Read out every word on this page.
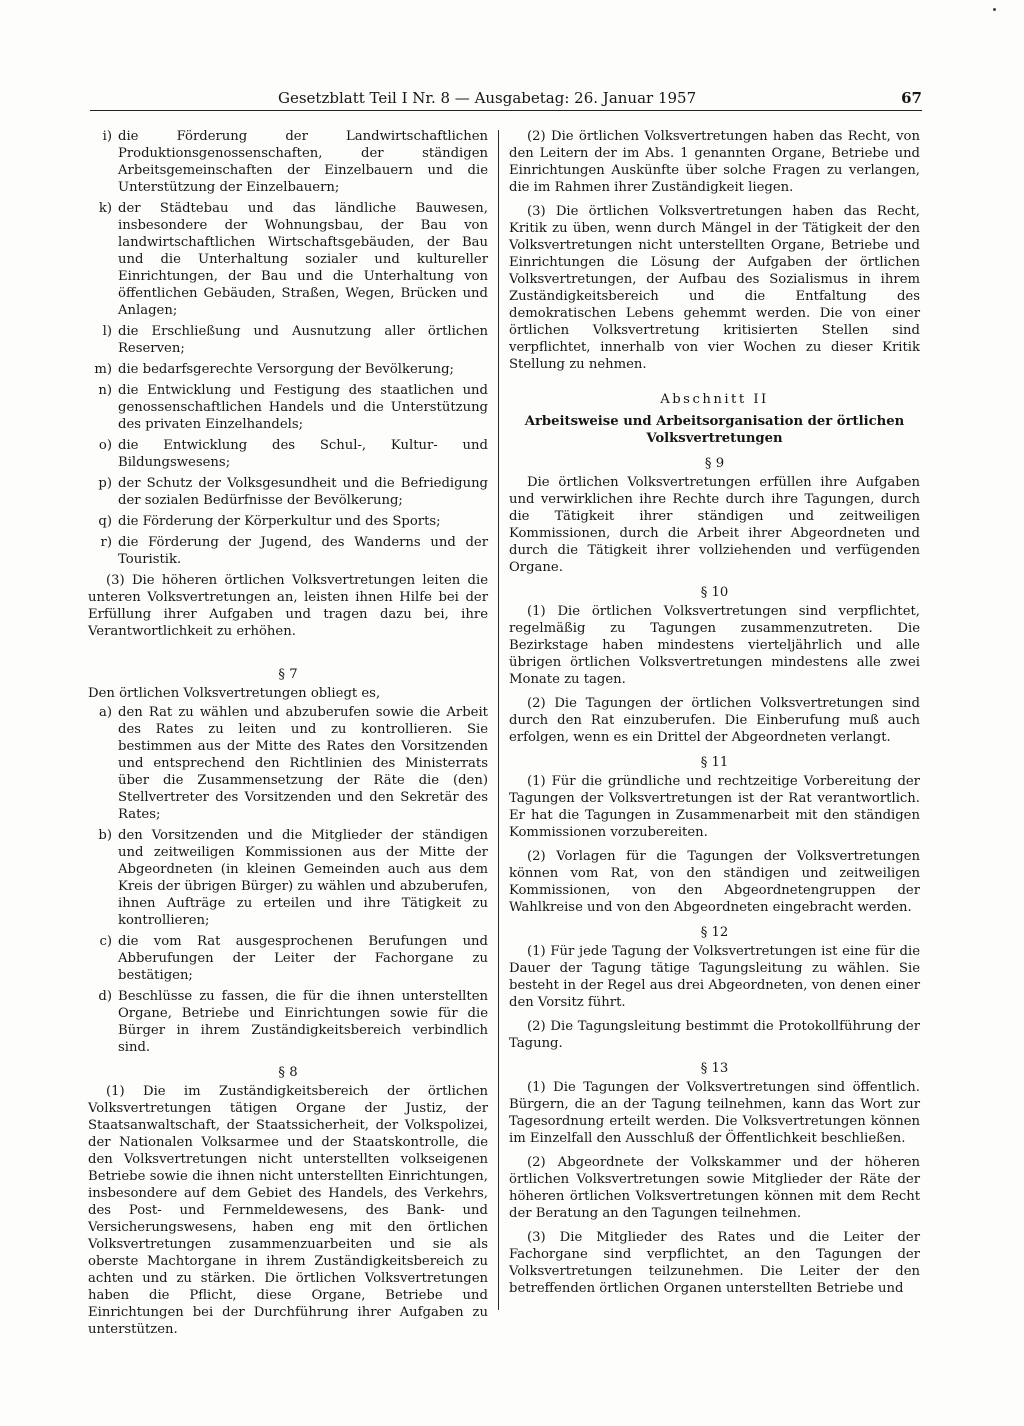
Gesetzblatt Teil I Nr. 8 — Ausgabetag: 26. Januar 1957	67
i) die Förderung der Landwirtschaftlichen Produktionsgenossenschaften, der ständigen Arbeitsgemeinschaften der Einzelbauern und die Unterstützung der Einzelbauern;
k) der Städtebau und das ländliche Bauwesen, insbesondere der Wohnungsbau, der Bau von landwirtschaftlichen Wirtschaftsgebäuden, der Bau und die Unterhaltung sozialer und kultureller Einrichtungen, der Bau und die Unterhaltung von öffentlichen Gebäuden, Straßen, Wegen, Brücken und Anlagen;
l) die Erschließung und Ausnutzung aller örtlichen Reserven;
m) die bedarfsgerechte Versorgung der Bevölkerung;
n) die Entwicklung und Festigung des staatlichen und genossenschaftlichen Handels und die Unterstützung des privaten Einzelhandels;
o) die Entwicklung des Schul-, Kultur- und Bildungswesens;
p) der Schutz der Volksgesundheit und die Befriedigung der sozialen Bedürfnisse der Bevölkerung;
q) die Förderung der Körperkultur und des Sports;
r) die Förderung der Jugend, des Wanderns und der Touristik.

(3) Die höheren örtlichen Volksvertretungen leiten die unteren Volksvertretungen an, leisten ihnen Hilfe bei der Erfüllung ihrer Aufgaben und tragen dazu bei, ihre Verantwortlichkeit zu erhöhen.

§ 7

Den örtlichen Volksvertretungen obliegt es,

a) den Rat zu wählen und abzuberufen sowie die Arbeit des Rates zu leiten und zu kontrollieren. Sie bestimmen aus der Mitte des Rates den Vorsitzenden und entsprechend den Richtlinien des Ministerrats über die Zusammensetzung der Räte die (den) Stellvertreter des Vorsitzenden und den Sekretär des Rates;
b) den Vorsitzenden und die Mitglieder der ständigen und zeitweiligen Kommissionen aus der Mitte der Abgeordneten (in kleinen Gemeinden auch aus dem Kreis der übrigen Bürger) zu wählen und abzuberufen, ihnen Aufträge zu erteilen und ihre Tätigkeit zu kontrollieren;
c) die vom Rat ausgesprochenen Berufungen und Abberufungen der Leiter der Fachorgane zu bestätigen;
d) Beschlüsse zu fassen, die für die ihnen unterstellten Organe, Betriebe und Einrichtungen sowie für die Bürger in ihrem Zuständigkeitsbereich verbindlich sind.
§ 8

(1) Die im Zuständigkeitsbereich der örtlichen Volksvertretungen tätigen Organe der Justiz, der Staatsanwaltschaft, der Staatssicherheit, der Volkspolizei, der Nationalen Volksarmee und der Staatskontrolle, die den Volksvertretungen nicht unterstellten volkseigenen Betriebe sowie die ihnen nicht unterstellten Einrichtungen, insbesondere auf dem Gebiet des Handels, des Verkehrs, des Post- und Fernmeldewesens, des Bank- und Versicherungswesens, haben eng mit den örtlichen Volksvertretungen zusammenzuarbeiten und sie als oberste Machtorgane in ihrem Zuständigkeitsbereich zu achten und zu stärken. Die örtlichen Volksvertretungen haben die Pflicht, diese Organe, Betriebe und Einrichtungen bei der Durchführung ihrer Aufgaben zu unterstützen.

(2) Die örtlichen Volksvertretungen haben das Recht, von den Leitern der im Abs. 1 genannten Organe, Betriebe und Einrichtungen Auskünfte über solche Fragen zu verlangen, die im Rahmen ihrer Zuständigkeit liegen.

(3) Die örtlichen Volksvertretungen haben das Recht, Kritik zu üben, wenn durch Mängel in der Tätigkeit der den Volksvertretungen nicht unterstellten Organe, Betriebe und Einrichtungen die Lösung der Aufgaben der örtlichen Volksvertretungen, der Aufbau des Sozialismus in ihrem Zuständigkeitsbereich und die Entfaltung des demokratischen Lebens gehemmt werden. Die von einer örtlichen Volksvertretung kritisierten Stellen sind verpflichtet, innerhalb von vier Wochen zu dieser Kritik Stellung zu nehmen.

Abschnitt II
Arbeitsweise und Arbeitsorganisation der örtlichen Volksvertretungen
§ 9

Die örtlichen Volksvertretungen erfüllen ihre Aufgaben und verwirklichen ihre Rechte durch ihre Tagungen, durch die Tätigkeit ihrer ständigen und zeitweiligen Kommissionen, durch die Arbeit ihrer Abgeordneten und durch die Tätigkeit ihrer vollziehenden und verfügenden Organe.

§ 10

(1) Die örtlichen Volksvertretungen sind verpflichtet, regelmäßig zu Tagungen zusammenzutreten. Die Bezirkstage haben mindestens vierteljährlich und alle übrigen örtlichen Volksvertretungen mindestens alle zwei Monate zu tagen.

(2) Die Tagungen der örtlichen Volksvertretungen sind durch den Rat einzuberufen. Die Einberufung muß auch erfolgen, wenn es ein Drittel der Abgeordneten verlangt.

§ 11

(1) Für die gründliche und rechtzeitige Vorbereitung der Tagungen der Volksvertretungen ist der Rat verantwortlich. Er hat die Tagungen in Zusammenarbeit mit den ständigen Kommissionen vorzubereiten.

(2) Vorlagen für die Tagungen der Volksvertretungen können vom Rat, von den ständigen und zeitweiligen Kommissionen, von den Abgeordnetengruppen der Wahlkreise und von den Abgeordneten eingebracht werden.

§ 12

(1) Für jede Tagung der Volksvertretungen ist eine für die Dauer der Tagung tätige Tagungsleitung zu wählen. Sie besteht in der Regel aus drei Abgeordneten, von denen einer den Vorsitz führt.

(2) Die Tagungsleitung bestimmt die Protokollführung der Tagung.

§ 13

(1) Die Tagungen der Volksvertretungen sind öffentlich. Bürgern, die an der Tagung teilnehmen, kann das Wort zur Tagesordnung erteilt werden. Die Volksvertretungen können im Einzelfall den Ausschluß der Öffentlichkeit beschließen.

(2) Abgeordnete der Volkskammer und der höheren örtlichen Volksvertretungen sowie Mitglieder der Räte der höheren örtlichen Volksvertretungen können mit dem Recht der Beratung an den Tagungen teilnehmen.

(3) Die Mitglieder des Rates und die Leiter der Fachorgane sind verpflichtet, an den Tagungen der Volksvertretungen teilzunehmen. Die Leiter der den betreffenden örtlichen Organen unterstellten Betriebe und
